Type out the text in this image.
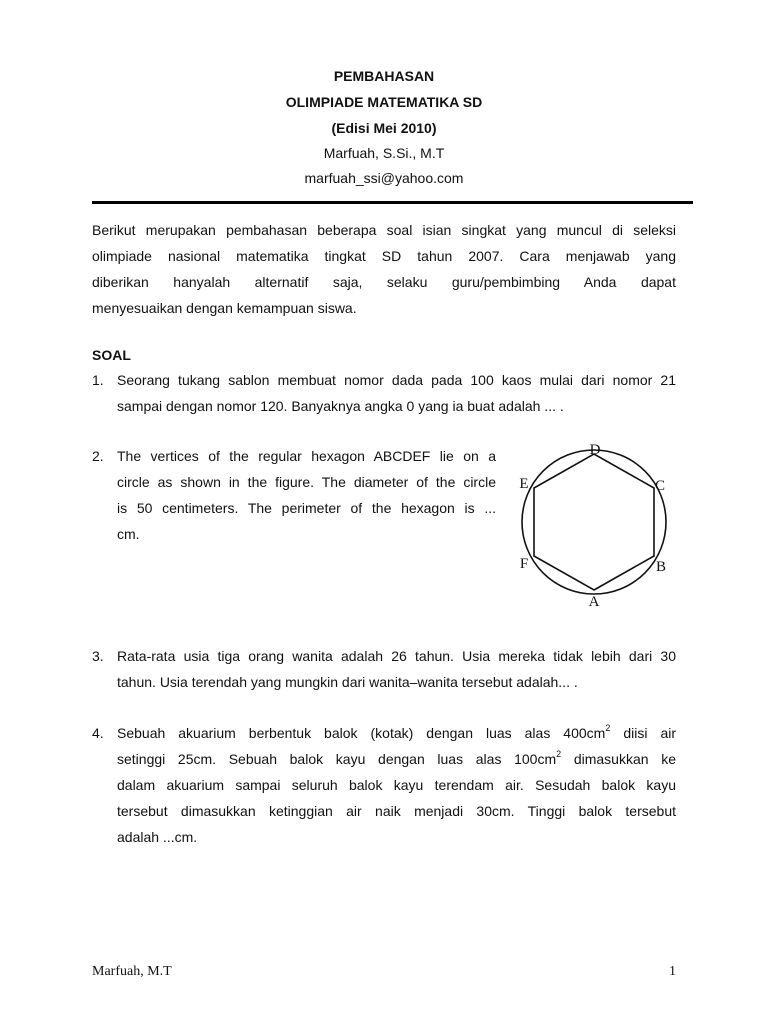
PEMBAHASAN
OLIMPIADE MATEMATIKA SD
(Edisi Mei 2010)
Marfuah, S.Si., M.T
marfuah_ssi@yahoo.com
Berikut merupakan pembahasan beberapa soal isian singkat yang muncul di seleksi
olimpiade nasional matematika tingkat SD tahun 2007. Cara menjawab yang
diberikan hanyalah alternatif saja, selaku guru/pembimbing Anda dapat
menyesuaikan dengan kemampuan siswa.
SOAL
1. Seorang tukang sablon membuat nomor dada pada 100 kaos mulai dari nomor 21
sampai dengan nomor 120. Banyaknya angka 0 yang ia buat adalah ... .
2. The vertices of the regular hexagon ABCDEF lie on a
circle as shown in the figure. The diameter of the circle
is 50 centimeters. The perimeter of the hexagon is ...
cm.
D
E	C
F	B
A
3. Rata-rata usia tiga orang wanita adalah 26 tahun. Usia mereka tidak lebih dari 30
tahun. Usia terendah yang mungkin dari wanita–wanita tersebut adalah... .
4. Sebuah akuarium berbentuk balok (kotak) dengan luas alas $400cm^2$ diisi air
setinggi 25cm. Sebuah balok kayu dengan luas alas $100cm^2$ dimasukkan ke
dalam akuarium sampai seluruh balok kayu terendam air. Sesudah balok kayu
tersebut dimasukkan ketinggian air naik menjadi 30cm. Tinggi balok tersebut
adalah ...cm.
Marfuah, M.T	1
